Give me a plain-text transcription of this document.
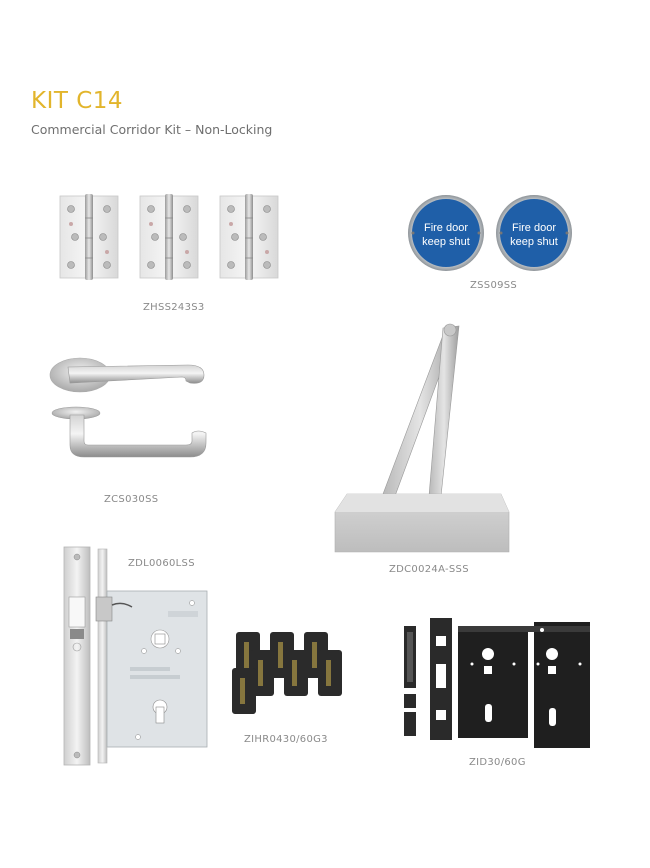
KIT C14
Commercial Corridor Kit – Non-Locking
ZHSS243S3
Fire door
keep shut
Fire door
keep shut
ZSS09SS
ZCS030SS
ZDC0024A-SSS
ZDL0060LSS
ZIHR0430/60G3
ZID30/60G
